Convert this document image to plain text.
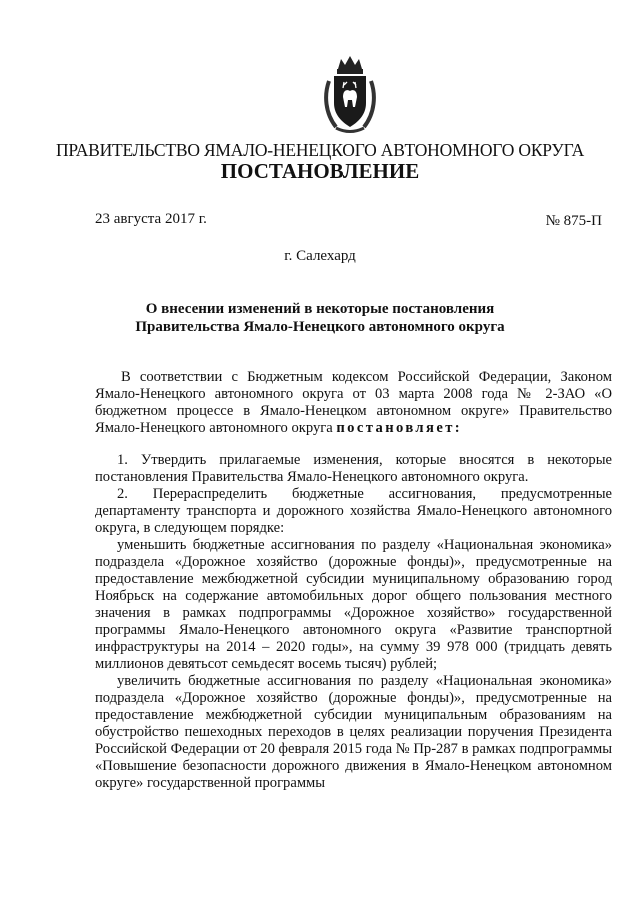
ПРАВИТЕЛЬСТВО ЯМАЛО-НЕНЕЦКОГО АВТОНОМНОГО ОКРУГА
ПОСТАНОВЛЕНИЕ
23 августа 2017 г.	№ 875-П
г. Салехард
О внесении изменений в некоторые постановления
Правительства Ямало-Ненецкого автономного округа

В соответствии с Бюджетным кодексом Российской Федерации, Законом Ямало-Ненецкого автономного округа от 03 марта 2008 года № 2-ЗАО «О бюджетном процессе в Ямало-Ненецком автономном округе» Правительство Ямало-Ненецкого автономного округа постановляет:

1. Утвердить прилагаемые изменения, которые вносятся в некоторые постановления Правительства Ямало-Ненецкого автономного округа.

2. Перераспределить бюджетные ассигнования, предусмотренные департаменту транспорта и дорожного хозяйства Ямало-Ненецкого автономного округа, в следующем порядке:

уменьшить бюджетные ассигнования по разделу «Национальная экономика» подраздела «Дорожное хозяйство (дорожные фонды)», предусмотренные на предоставление межбюджетной субсидии муниципальному образованию город Ноябрьск на содержание автомобильных дорог общего пользования местного значения в рамках подпрограммы «Дорожное хозяйство» государственной программы Ямало-Ненецкого автономного округа «Развитие транспортной инфраструктуры на 2014 – 2020 годы», на сумму 39 978 000 (тридцать девять миллионов девятьсот семьдесят восемь тысяч) рублей;

увеличить бюджетные ассигнования по разделу «Национальная экономика» подраздела «Дорожное хозяйство (дорожные фонды)», предусмотренные на предоставление межбюджетной субсидии муниципальным образованиям на обустройство пешеходных переходов в целях реализации поручения Президента Российской Федерации от 20 февраля 2015 года № Пр-287 в рамках подпрограммы «Повышение безопасности дорожного движения в Ямало-Ненецком автономном округе» государственной программы
